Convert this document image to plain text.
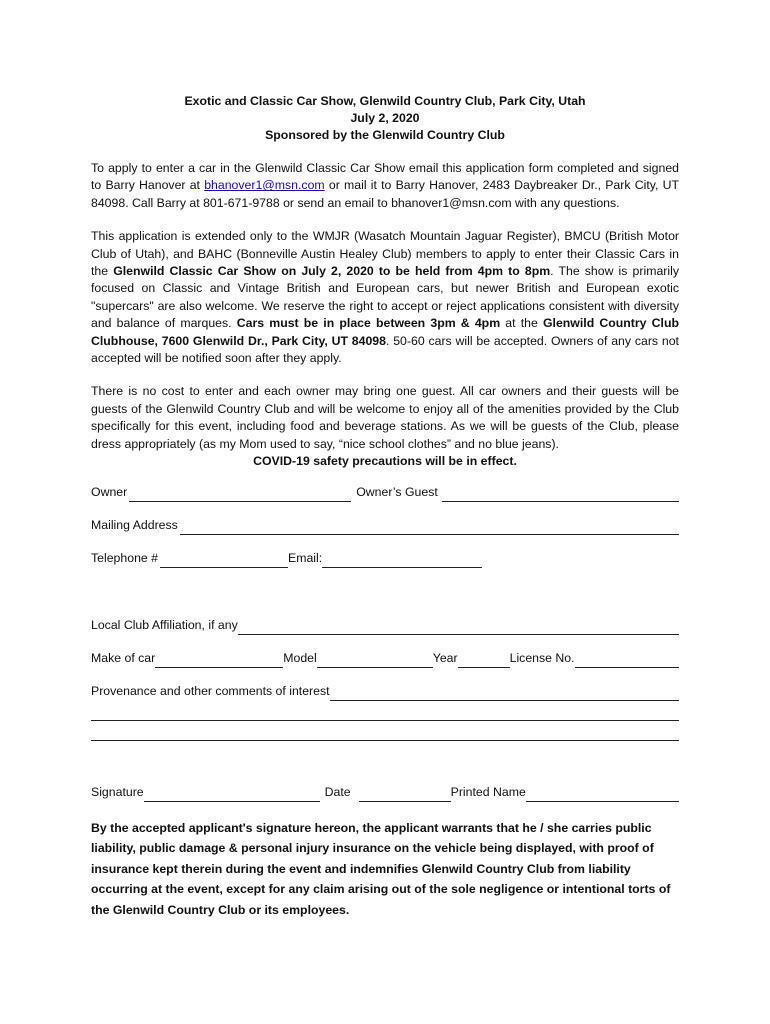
Exotic and Classic Car Show, Glenwild Country Club, Park City, Utah
July 2, 2020
Sponsored by the Glenwild Country Club

To apply to enter a car in the Glenwild Classic Car Show email this application form completed and signed to Barry Hanover at bhanover1@msn.com or mail it to Barry Hanover, 2483 Daybreaker Dr., Park City, UT 84098. Call Barry at 801-671-9788 or send an email to bhanover1@msn.com with any questions.

This application is extended only to the WMJR (Wasatch Mountain Jaguar Register), BMCU (British Motor Club of Utah), and BAHC (Bonneville Austin Healey Club) members to apply to enter their Classic Cars in the Glenwild Classic Car Show on July 2, 2020 to be held from 4pm to 8pm. The show is primarily focused on Classic and Vintage British and European cars, but newer British and European exotic "supercars" are also welcome. We reserve the right to accept or reject applications consistent with diversity and balance of marques. Cars must be in place between 3pm & 4pm at the Glenwild Country Club Clubhouse, 7600 Glenwild Dr., Park City, UT 84098. 50-60 cars will be accepted. Owners of any cars not accepted will be notified soon after they apply.

There is no cost to enter and each owner may bring one guest. All car owners and their guests will be guests of the Glenwild Country Club and will be welcome to enjoy all of the amenities provided by the Club specifically for this event, including food and beverage stations. As we will be guests of the Club, please dress appropriately (as my Mom used to say, “nice school clothes” and no blue jeans).

COVID-19 safety precautions will be in effect.
Owner	Owner’s Guest
Mailing Address
Telephone #	Email:
Local Club Affiliation, if any
Make of car	Model	Year	License No.
Provenance and other comments of interest
Signature	Date	Printed Name

By the accepted applicant's signature hereon, the applicant warrants that he / she carries public liability, public damage & personal injury insurance on the vehicle being displayed, with proof of insurance kept therein during the event and indemnifies Glenwild Country Club from liability occurring at the event, except for any claim arising out of the sole negligence or intentional torts of the Glenwild Country Club or its employees.
